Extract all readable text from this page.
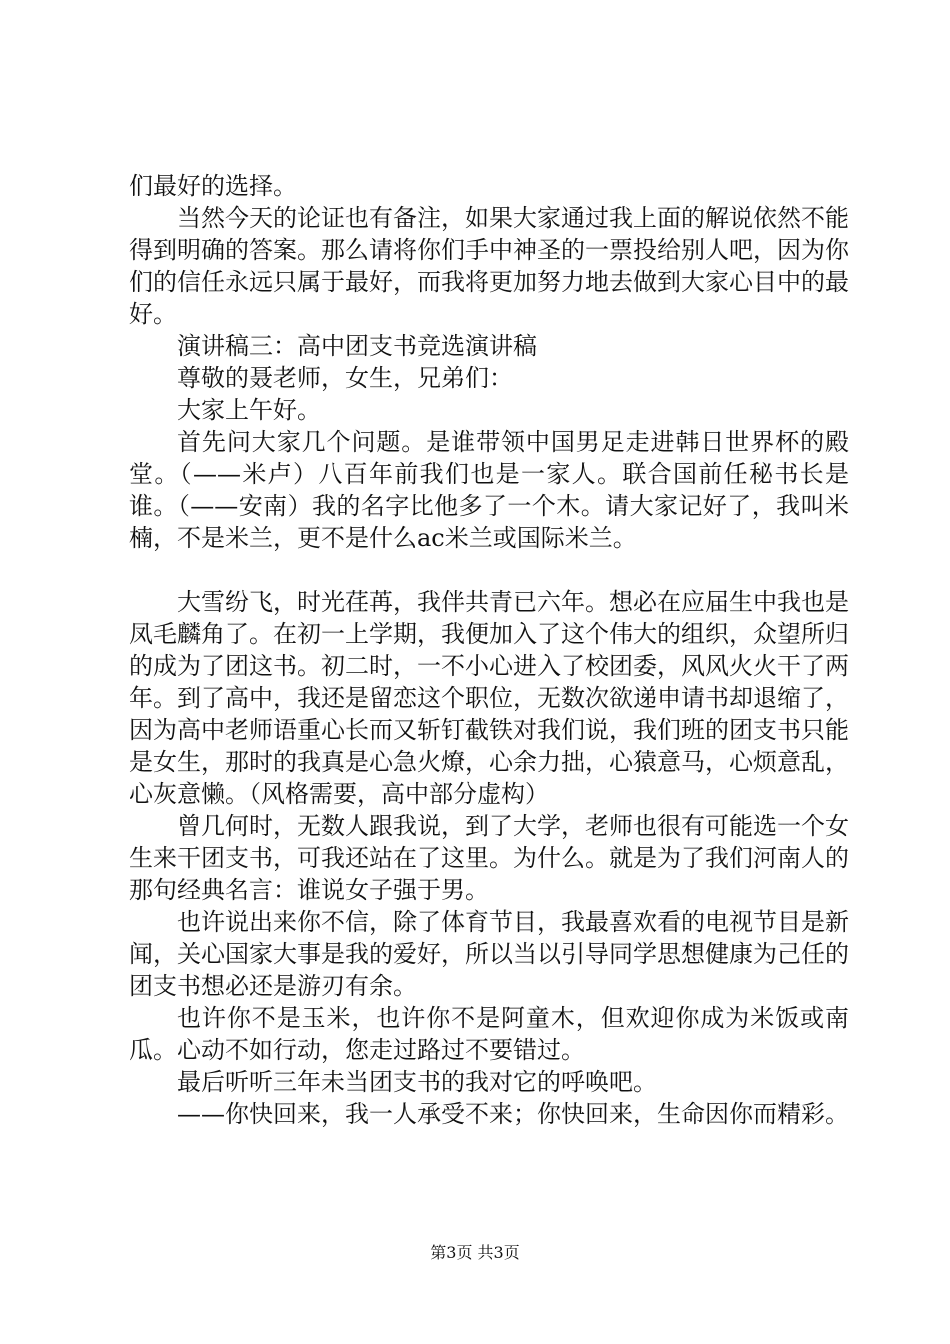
们最好的选择。

当然今天的论证也有备注，如果大家通过我上面的解说依然不能得到明确的答案。那么请将你们手中神圣的一票投给别人吧，因为你们的信任永远只属于最好，而我将更加努力地去做到大家心目中的最好。

演讲稿三：高中团支书竞选演讲稿

尊敬的聂老师，女生，兄弟们：

大家上午好。

首先问大家几个问题。是谁带领中国男足走进韩日世界杯的殿堂。（——米卢）八百年前我们也是一家人。联合国前任秘书长是谁。（——安南）我的名字比他多了一个木。请大家记好了，我叫米楠，不是米兰，更不是什么ac米兰或国际米兰。

大雪纷飞，时光荏苒，我伴共青已六年。想必在应届生中我也是凤毛麟角了。在初一上学期，我便加入了这个伟大的组织，众望所归的成为了团这书。初二时，一不小心进入了校团委，风风火火干了两年。到了高中，我还是留恋这个职位，无数次欲递申请书却退缩了，因为高中老师语重心长而又斩钉截铁对我们说，我们班的团支书只能是女生，那时的我真是心急火燎，心余力拙，心猿意马，心烦意乱，心灰意懒。（风格需要，高中部分虚构）

曾几何时，无数人跟我说，到了大学，老师也很有可能选一个女生来干团支书，可我还站在了这里。为什么。就是为了我们河南人的那句经典名言：谁说女子强于男。

也许说出来你不信，除了体育节目，我最喜欢看的电视节目是新闻，关心国家大事是我的爱好，所以当以引导同学思想健康为己任的团支书想必还是游刃有余。

也许你不是玉米，也许你不是阿童木，但欢迎你成为米饭或南瓜。心动不如行动，您走过路过不要错过。

最后听听三年未当团支书的我对它的呼唤吧。

——你快回来，我一人承受不来；你快回来，生命因你而精彩。

第3页 共3页
